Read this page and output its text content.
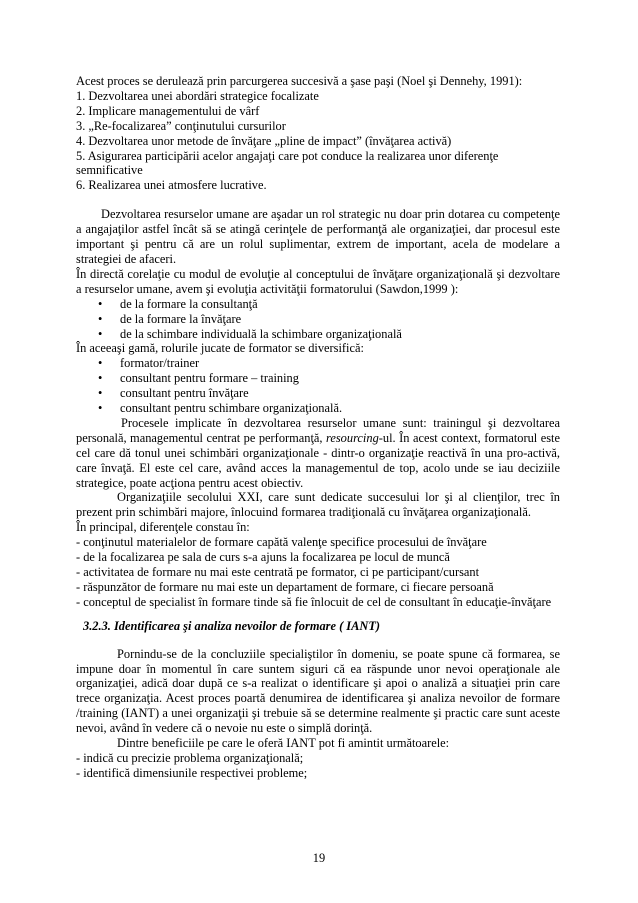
Acest proces se derulează prin parcurgerea succesivă a şase paşi (Noel şi Dennehy, 1991):

1. Dezvoltarea unei abordări strategice focalizate

2. Implicare managementului de vârf

3. „Re-focalizarea” conţinutului cursurilor

4. Dezvoltarea unor metode de învăţare „pline de impact” (învăţarea activă)

5. Asigurarea participării acelor angajaţi care pot conduce la realizarea unor diferenţe semnificative

6. Realizarea unei atmosfere lucrative.

Dezvoltarea resurselor umane are aşadar un rol strategic nu doar prin dotarea cu competenţe a angajaţilor astfel încât să se atingă cerinţele de performanţă ale organizaţiei, dar procesul este important şi pentru că are un rolul suplimentar, extrem de important, acela de modelare a strategiei de afaceri.

În directă corelaţie cu modul de evoluţie al conceptului de învăţare organizaţională şi dezvoltare a resurselor umane, avem şi evoluţia activităţii formatorului (Sawdon,1999 ):

• de la formare la consultanţă
• de la formare la învăţare
• de la schimbare individuală la schimbare organizaţională

În aceeaşi gamă, rolurile jucate de formator se diversifică:

• formator/trainer
• consultant pentru formare – training
• consultant pentru învăţare
• consultant pentru schimbare organizaţională.

Procesele implicate în dezvoltarea resurselor umane sunt: trainingul şi dezvoltarea personală, managementul centrat pe performanţă, resourcing-ul. În acest context, formatorul este cel care dă tonul unei schimbări organizaţionale - dintr-o organizaţie reactivă în una pro-activă, care învaţă. El este cel care, având acces la managementul de top, acolo unde se iau deciziile strategice, poate acţiona pentru acest obiectiv.

Organizaţiile secolului XXI, care sunt dedicate succesului lor şi al clienţilor, trec în prezent prin schimbări majore, înlocuind formarea tradiţională cu învăţarea organizaţională.

În principal, diferenţele constau în:

- conţinutul materialelor de formare capătă valenţe specifice procesului de învăţare

- de la focalizarea pe sala de curs s-a ajuns la focalizarea pe locul de muncă

- activitatea de formare nu mai este centrată pe formator, ci pe participant/cursant

- răspunzător de formare nu mai este un departament de formare, ci fiecare persoană

- conceptul de specialist în formare tinde să fie înlocuit de cel de consultant în educaţie-învăţare

3.2.3. Identificarea şi analiza nevoilor de formare ( IANT)

Pornindu-se de la concluziile specialiştilor în domeniu, se poate spune că formarea, se impune doar în momentul în care suntem siguri că ea răspunde unor nevoi operaţionale ale organizaţiei, adică doar după ce s-a realizat o identificare şi apoi o analiză a situaţiei prin care trece organizaţia. Acest proces poartă denumirea de identificarea şi analiza nevoilor de formare /training (IANT) a unei organizaţii şi trebuie să se determine realmente şi practic care sunt aceste nevoi, având în vedere că o nevoie nu este o simplă dorinţă.

Dintre beneficiile pe care le oferă IANT pot fi amintit următoarele:

- indică cu precizie problema organizaţională;

- identifică dimensiunile respectivei probleme;

19
